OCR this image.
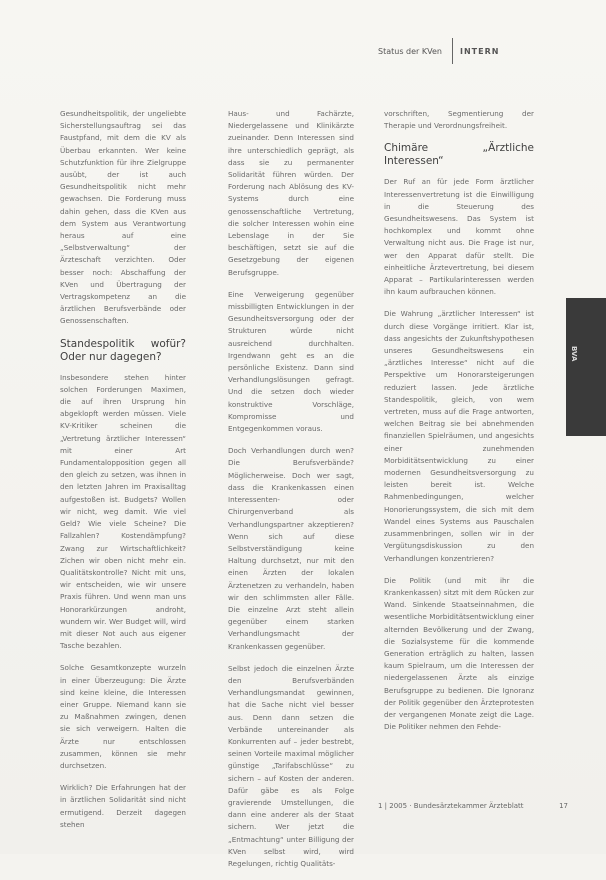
Status der KVen INTERN

Gesundheitspolitik, der ungeliebte Sicherstellungsauftrag sei das Faustpfand, mit dem die KV als Überbau erkannten. Wer keine Schutzfunktion für ihre Zielgruppe ausübt, der ist auch Gesundheitspolitik nicht mehr gewachsen. Die Forderung muss dahin gehen, dass die KVen aus dem System aus Verantwortung heraus auf eine „Selbstverwaltung“ der Ärzteschaft verzichten. Oder besser noch: Abschaffung der KVen und Übertragung der Vertragskompetenz an die ärztlichen Berufsverbände oder Genossenschaften.

Standespolitik wofür? Oder nur dagegen?

Insbesondere stehen hinter solchen Forderungen Maximen, die auf ihren Ursprung hin abgeklopft werden müssen. Viele KV-Kritiker scheinen die „Vertretung ärztlicher Interessen“ mit einer Art Fundamentalopposition gegen all den gleich zu setzen, was ihnen in den letzten Jahren im Praxisalltag aufgestoßen ist. Budgets? Wollen wir nicht, weg damit. Wie viel Geld? Wie viele Scheine? Die Fallzahlen? Kostendämpfung? Zwang zur Wirtschaftlichkeit? Zichen wir oben nicht mehr ein. Qualitätskontrolle? Nicht mit uns, wir entscheiden, wie wir unsere Praxis führen. Und wenn man uns Honorarkürzungen androht, wundern wir. Wer Budget will, wird mit dieser Not auch aus eigener Tasche bezahlen.

Solche Gesamtkonzepte wurzeln in einer Überzeugung: Die Ärzte sind keine kleine, die Interessen einer Gruppe. Niemand kann sie zu Maßnahmen zwingen, denen sie sich verweigern. Halten die Ärzte nur entschlossen zusammen, können sie mehr durchsetzen.

Wirklich? Die Erfahrungen hat der in ärztlichen Solidarität sind nicht ermutigend. Derzeit dagegen stehen

Haus- und Fachärzte, Niedergelassene und Klinikärzte zueinander. Denn Interessen sind ihre unterschiedlich geprägt, als dass sie zu permanenter Solidarität führen würden. Der Forderung nach Ablösung des KV-Systems durch eine genossenschaftliche Vertretung, die solcher Interessen wohin eine Lebenslage in der Sie beschäftigen, setzt sie auf die Gesetzgebung der eigenen Berufsgruppe.

Eine Verweigerung gegenüber missbilligten Entwicklungen in der Gesundheitsversorgung oder der Strukturen würde nicht ausreichend durchhalten. Irgendwann geht es an die persönliche Existenz. Dann sind Verhandlungslösungen gefragt. Und die setzen doch wieder konstruktive Vorschläge, Kompromisse und Entgegenkommen voraus.

Doch Verhandlungen durch wen? Die Berufsverbände? Möglicherweise. Doch wer sagt, dass die Krankenkassen einen Interessenten- oder Chirurgenverband als Verhandlungspartner akzeptieren? Wenn sich auf diese Selbstverständigung keine Haltung durchsetzt, nur mit den einen Ärzten der lokalen Ärztenetzen zu verhandeln, haben wir den schlimmsten aller Fälle. Die einzelne Arzt steht allein gegenüber einem starken Verhandlungsmacht der Krankenkassen gegenüber.

Selbst jedoch die einzelnen Ärzte den Berufsverbänden Verhandlungsmandat gewinnen, hat die Sache nicht viel besser aus. Denn dann setzen die Verbände untereinander als Konkurrenten auf – jeder bestrebt, seinen Vorteile maximal möglicher günstige „Tarifabschlüsse“ zu sichern – auf Kosten der anderen. Dafür gäbe es als Folge gravierende Umstellungen, die dann eine anderer als der Staat sichern. Wer jetzt die „Entmachtung“ unter Billigung der KVen selbst wird, wird Regelungen, richtig Qualitäts-

vorschriften, Segmentierung der Therapie und Verordnungsfreiheit.

Chimäre „Ärztliche Interessen“

Der Ruf an für jede Form ärztlicher Interessenvertretung ist die Einwilligung in die Steuerung des Gesundheitswesens. Das System ist hochkomplex und kommt ohne Verwaltung nicht aus. Die Frage ist nur, wer den Apparat dafür stellt. Die einheitliche Ärztevertretung, bei diesem Apparat – Partikularinteressen werden ihn kaum aufbrauchen können.

Die Wahrung „ärztlicher Interessen“ ist durch diese Vorgänge irritiert. Klar ist, dass angesichts der Zukunftshypothesen unseres Gesundheitswesens ein „ärztliches Interesse“ nicht auf die Perspektive um Honorarsteigerungen reduziert lassen. Jede ärztliche Standespolitik, gleich, von wem vertreten, muss auf die Frage antworten, welchen Beitrag sie bei abnehmenden finanziellen Spielräumen, und angesichts einer zunehmenden Morbiditätsentwicklung zu einer modernen Gesundheitsversorgung zu leisten bereit ist. Welche Rahmenbedingungen, welcher Honorierungssystem, die sich mit dem Wandel eines Systems aus Pauschalen zusammenbringen, sollen wir in der Vergütungsdiskussion zu den Verhandlungen konzentrieren?

Die Politik (und mit ihr die Krankenkassen) sitzt mit dem Rücken zur Wand. Sinkende Staatseinnahmen, die wesentliche Morbiditätsentwicklung einer alternden Bevölkerung und der Zwang, die Sozialsysteme für die kommende Generation erträglich zu halten, lassen kaum Spielraum, um die Interessen der niedergelassenen Ärzte als einzige Berufsgruppe zu bedienen. Die Ignoranz der Politik gegenüber den Ärzteprotesten der vergangenen Monate zeigt die Lage. Die Politiker nehmen den Fehde-

BVA
1 | 2005 · Bundesärztekammer Ärzteblatt	17
